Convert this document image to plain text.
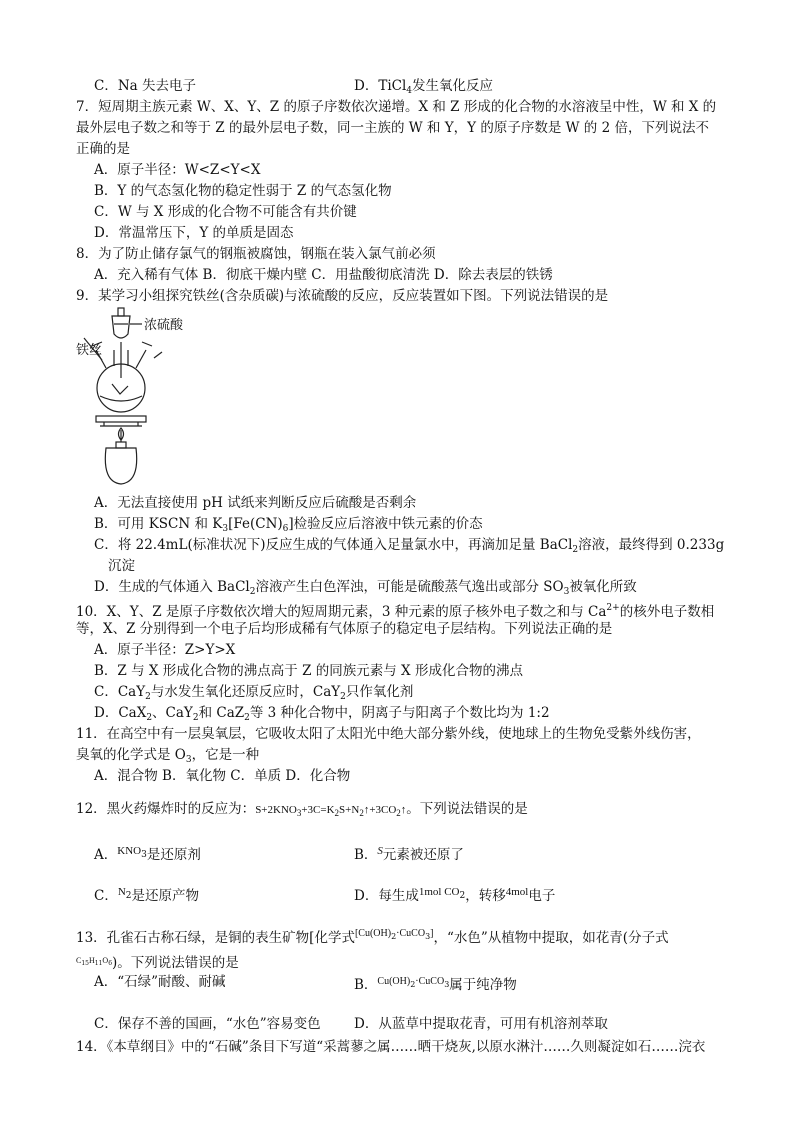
C．Na 失去电子	D．TiCl$_4$发生氧化反应
7．短周期主族元素 W、X、Y、Z 的原子序数依次递增。X 和 Z 形成的化合物的水溶液呈中性，W 和 X 的
最外层电子数之和等于 Z 的最外层电子数，同一主族的 W 和 Y，Y 的原子序数是 W 的 2 倍，下列说法不
正确的是
A．原子半径：W<Z<Y<X
B．Y 的气态氢化物的稳定性弱于 Z 的气态氢化物
C．W 与 X 形成的化合物不可能含有共价键
D．常温常压下，Y 的单质是固态
8．为了防止储存氯气的钢瓶被腐蚀，钢瓶在装入氯气前必须
A．充入稀有气体 B．彻底干燥内壁 C．用盐酸彻底清洗 D．除去表层的铁锈
9．某学习小组探究铁丝(含杂质碳)与浓硫酸的反应，反应装置如下图。下列说法错误的是
浓硫酸
铁丝
A．无法直接使用 pH 试纸来判断反应后硫酸是否剩余
B．可用 KSCN 和 $K_3[Fe(CN)_6]$检验反应后溶液中铁元素的价态
C．将 22.4mL(标准状况下)反应生成的气体通入足量氯水中，再滴加足量 BaCl$_2$溶液，最终得到 0.233g
沉淀
D．生成的气体通入 BaCl$_2$溶液产生白色浑浊，可能是硫酸蒸气逸出或部分 $SO_3$被氧化所致
10．X、Y、Z 是原子序数依次增大的短周期元素，3 种元素的原子核外电子数之和与 $Ca^{2+}$的核外电子数相
等，X、Z 分别得到一个电子后均形成稀有气体原子的稳定电子层结构。下列说法正确的是
A．原子半径：Z>Y>X
B．Z 与 X 形成化合物的沸点高于 Z 的同族元素与 X 形成化合物的沸点
C．CaY$_2$与水发生氧化还原反应时，CaY$_2$只作氧化剂
D．CaX$_2$、CaY$_2$和 CaZ$_2$等 3 种化合物中，阴离子与阳离子个数比均为 1:2
11．在高空中有一层臭氧层，它吸收太阳了太阳光中绝大部分紫外线，使地球上的生物免受紫外线伤害，
臭氧的化学式是 $O_3$，它是一种
A．混合物 B．氧化物 C．单质 D．化合物
12．黑火药爆炸时的反应为：$S+2KNO_3+3C=K_2S+N_2↑+3CO_2↑$。下列说法错误的是
A．$^{KNO3}$是还原剂	B．$^S$元素被还原了
C．$^{N2}$是还原产物	D．每生成$^{1mol CO2}$，转移$^{4mol}$电子
13．孔雀石古称石绿，是铜的表生矿物[化学式[Cu(OH)2·CuCO3]，“水色”从植物中提取，如花青(分子式
$^{C15H11O6}$)。下列说法错误的是
A．“石绿”耐酸、耐碱	B．$^{Cu(OH)2\cdot CuCO3}$属于纯净物
C．保存不善的国画，“水色”容易变色 D．从蓝草中提取花青，可用有机溶剂萃取
14．《本草纲目》中的“石碱”条目下写道“采蒿蓼之属……晒干烧灰,以原水淋汁……久则凝淀如石……浣衣
